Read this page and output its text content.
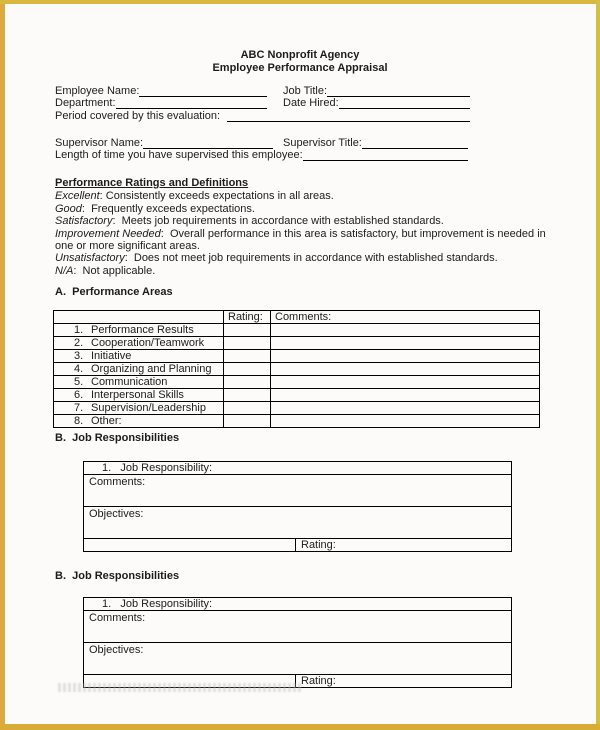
ABC Nonprofit Agency
Employee Performance Appraisal
Employee Name:	Job Title:
Department:	Date Hired:
Period covered by this evaluation:
Supervisor Name:	Supervisor Title:
Length of time you have supervised this employee:
Performance Ratings and Definitions
Excellent: Consistently exceeds expectations in all areas.
Good:  Frequently exceeds expectations.
Satisfactory:  Meets job requirements in accordance with established standards.
Improvement Needed:  Overall performance in this area is satisfactory, but improvement is needed in one or more significant areas.
Unsatisfactory:  Does not meet job requirements in accordance with established standards.
N/A:  Not applicable.
A.  Performance Areas
	Rating:	Comments:
1. Performance Results		
2. Cooperation/Teamwork		
3. Initiative		
4. Organizing and Planning		
5. Communication		
6. Interpersonal Skills		
7. Supervision/Leadership		
8. Other:		
B.  Job Responsibilities
1.   Job Responsibility:
Comments:
Objectives:
	Rating:
B.  Job Responsibilities
1.   Job Responsibility:
Comments:
Objectives:
	Rating:
